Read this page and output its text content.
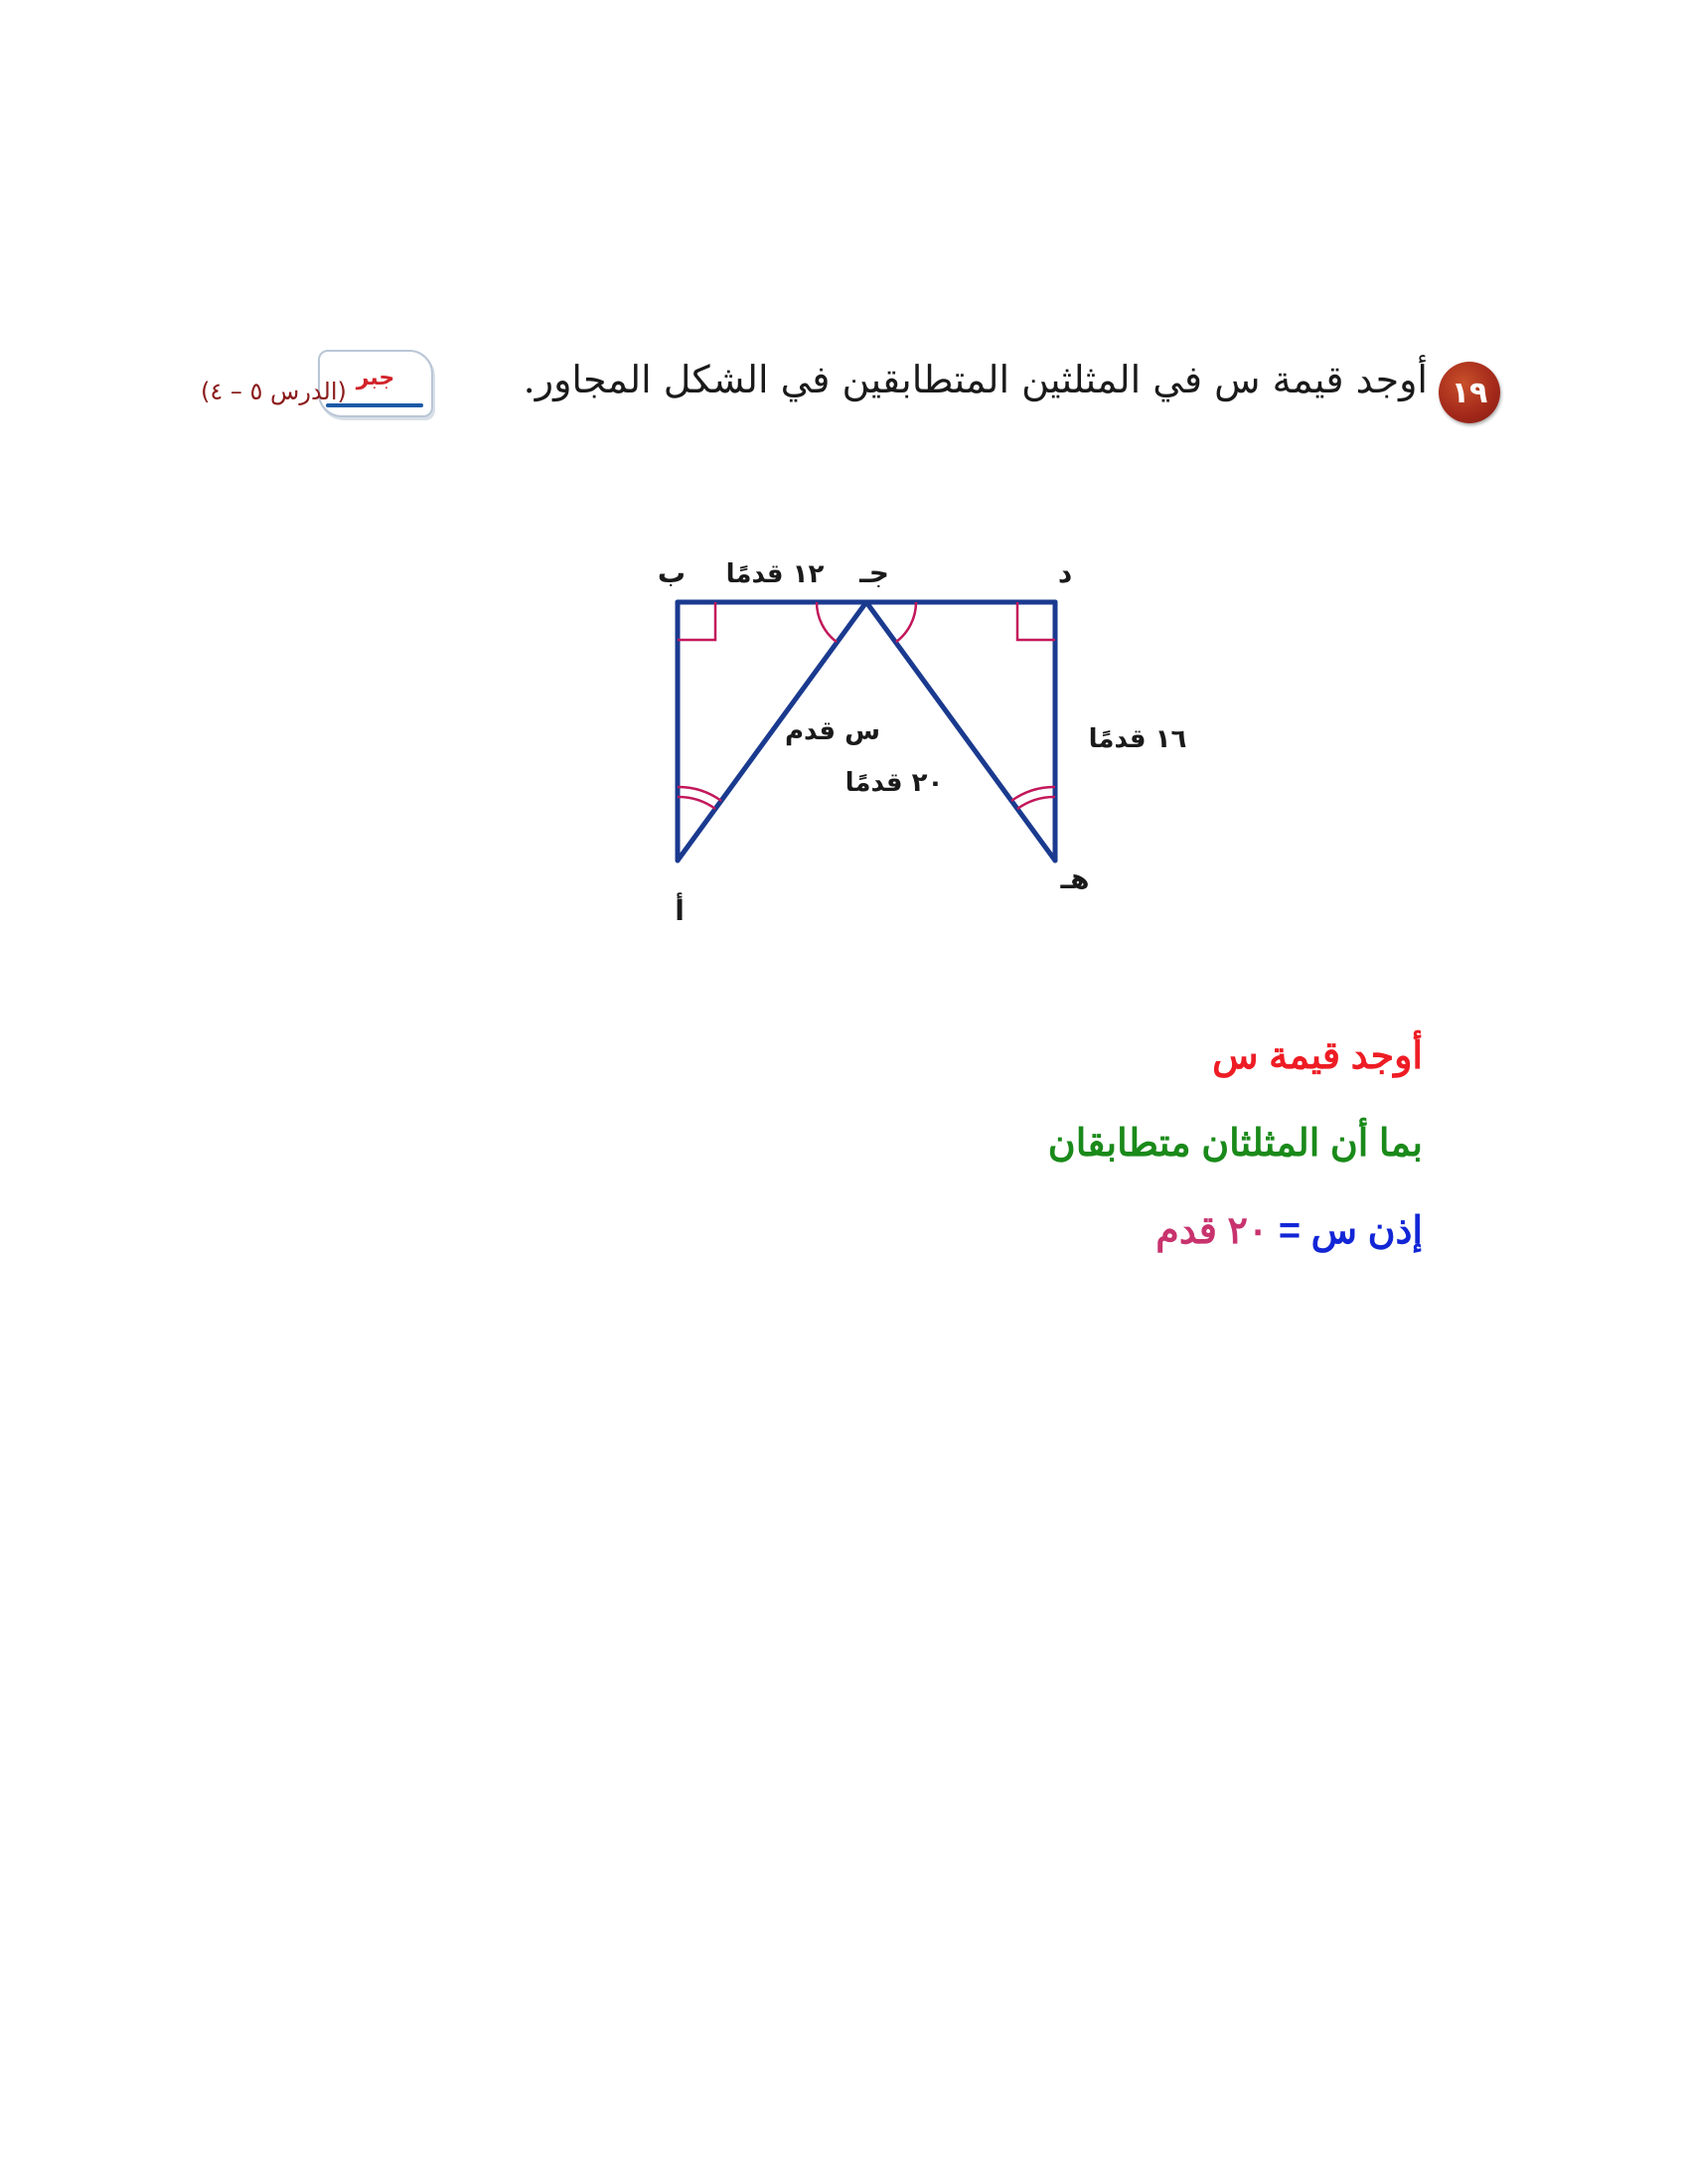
١٩
أوجد قيمة س في المثلثين المتطابقين في الشكل المجاور.
جبر
(الدرس ٥ – ٤)
ب	جـ	د
أ
هـ
١٢ قدمًا
١٦ قدمًا
س قدم
٢٠ قدمًا
أوجد قيمة س
بما أن المثلثان متطابقان
إذن س = ٢٠ قدم
